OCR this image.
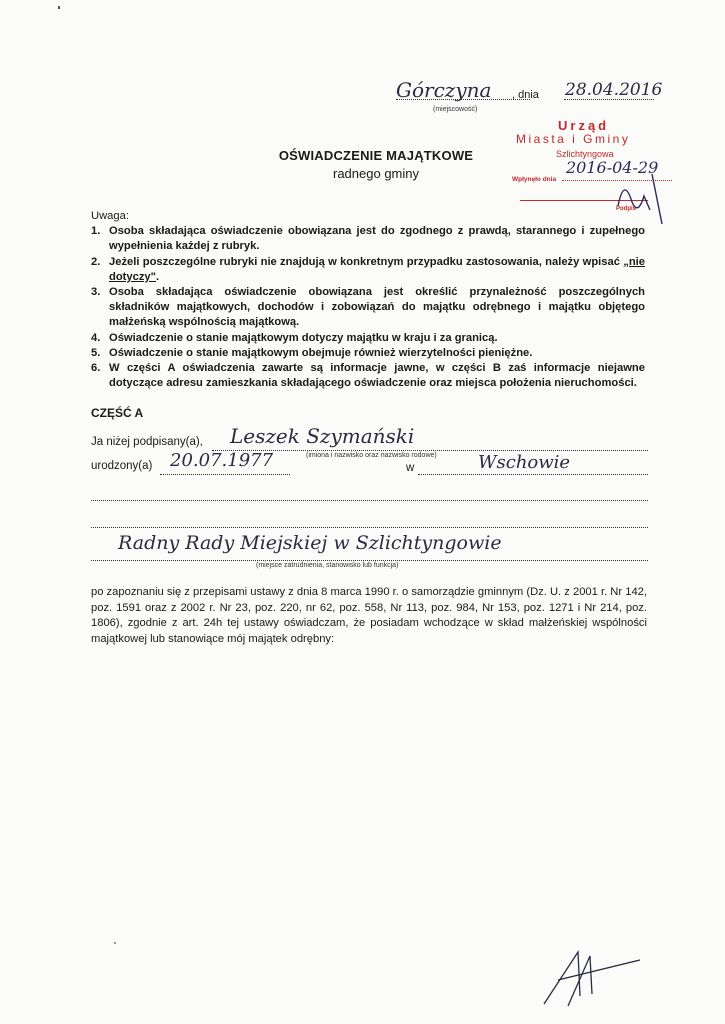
Górczyna , dnia 28.04.2016
(miejscowość)
Urząd
Miasta i Gminy
Szlichtyngowa
Wpłynęło dnia
2016-04-29
Podpis
OŚWIADCZENIE MAJĄTKOWE
radnego gminy
Uwaga:
1. Osoba składająca oświadczenie obowiązana jest do zgodnego z prawdą, starannego i zupełnego wypełnienia każdej z rubryk.
2. Jeżeli poszczególne rubryki nie znajdują w konkretnym przypadku zastosowania, należy wpisać „nie dotyczy".
3. Osoba składająca oświadczenie obowiązana jest określić przynależność poszczególnych składników majątkowych, dochodów i zobowiązań do majątku odrębnego i majątku objętego małżeńską wspólnością majątkową.
4. Oświadczenie o stanie majątkowym dotyczy majątku w kraju i za granicą.
5. Oświadczenie o stanie majątkowym obejmuje również wierzytelności pieniężne.
6. W części A oświadczenia zawarte są informacje jawne, w części B zaś informacje niejawne dotyczące adresu zamieszkania składającego oświadczenie oraz miejsca położenia nieruchomości.
CZĘŚĆ A
Ja niżej podpisany(a), Leszek Szymański
(imiona i nazwisko oraz nazwisko rodowe)
urodzony(a) 20.07.1977	w	Wschowie
Radny Rady Miejskiej w Szlichtyngowie
(miejsce zatrudnienia, stanowisko lub funkcja)
po zapoznaniu się z przepisami ustawy z dnia 8 marca 1990 r. o samorządzie gminnym (Dz. U. z 2001 r. Nr 142, poz. 1591 oraz z 2002 r. Nr 23, poz. 220, nr 62, poz. 558, Nr 113, poz. 984, Nr 153, poz. 1271 i Nr 214, poz. 1806), zgodnie z art. 24h tej ustawy oświadczam, że posiadam wchodzące w skład małżeńskiej wspólności majątkowej lub stanowiące mój majątek odrębny:
